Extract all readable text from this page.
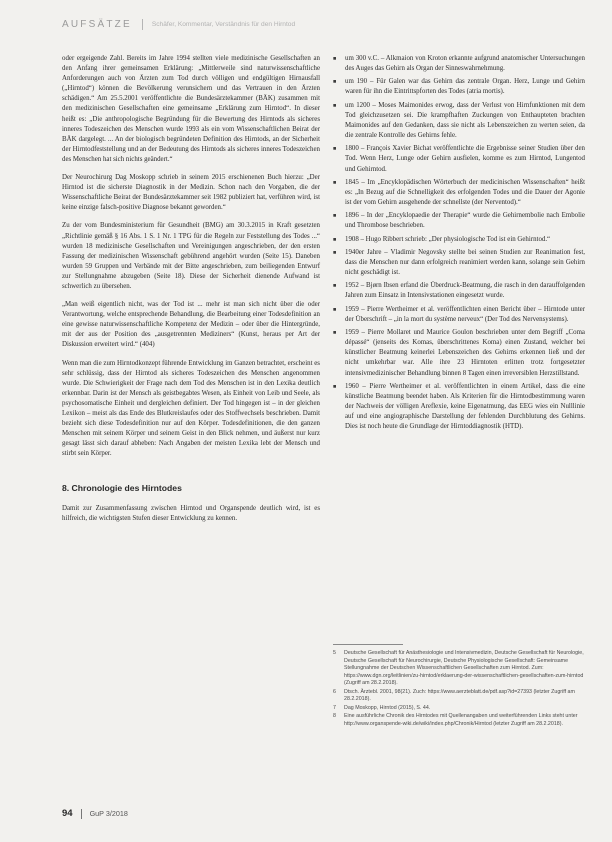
AUFSÄTZE	Schäfer, Kommentar, Verständnis für den Hirntod

oder ergeigende Zahl. Bereits im Jahre 1994 stellten viele medizinische Gesellschaften an den Anfang ihrer gemeinsamen Erklärung: „Mittlerweile sind naturwissenschaftliche Anforderungen auch von Ärzten zum Tod durch völligen und endgültigen Hirnausfall („Hirntod“) können die Bevölkerung verunsichern und das Vertrauen in den Ärzten schädigen.“ Am 25.5.2001 veröffentlichte die Bundesärztekammer (BÄK) zusammen mit den medizinischen Gesellschaften eine gemeinsame „Erklärung zum Hirntod“. In dieser heißt es: „Die anthropologische Begründung für die Bewertung des Hirntods als sicheres inneres Todeszeichen des Menschen wurde 1993 als ein vom Wissenschaftlichen Beirat der BÄK dargelegt. ... An der biologisch begründeten Definition des Hirntods, an der Sicherheit der Hirntodfeststellung und an der Bedeutung des Hirntods als sicheres inneres Todeszeichen des Menschen hat sich nichts geändert.“

Der Neurochirurg Dag Moskopp schrieb in seinem 2015 erschienenen Buch hierzu: „Der Hirntod ist die sicherste Diagnostik in der Medizin. Schon nach den Vorgaben, die der Wissenschaftliche Beirat der Bundesärztekammer seit 1982 publiziert hat, verführen wird, ist keine einzige falsch-positive Diagnose bekannt geworden.“

Zu der vom Bundesministerium für Gesundheit (BMG) am 30.3.2015 in Kraft gesetzten „Richtlinie gemäß § 16 Abs. 1 S. 1 Nr. 1 TPG für die Regeln zur Feststellung des Todes ...“ wurden 18 medizinische Gesellschaften und Vereinigungen angeschrieben, der den ersten Fassung der medizinischen Wissenschaft gebührend angehört wurden (Seite 15). Daneben wurden 59 Gruppen und Verbände mit der Bitte angeschrieben, zum beiliegenden Entwurf zur Stellungnahme abzugeben (Seite 18). Diese der Sicherheit dienende Aufwand ist schwerlich zu übersehen.

„Man weiß eigentlich nicht, was der Tod ist ... mehr ist man sich nicht über die oder Verantwortung, welche entsprechende Behandlung, die Bearbeitung einer Todesdefinition an eine gewisse naturwissenschaftliche Kompetenz der Medizin – oder über die Hintergründe, mit der aus der Position des „ausgetrennten Mediziners“ (Kunst, heraus per Art der Diskussion erweitert wird.“ (404)

Wenn man die zum Hirntodkonzept führende Entwicklung im Ganzen betrachtet, erscheint es sehr schlüssig, dass der Hirntod als sicheres Todeszeichen des Menschen angenommen wurde. Die Schwierigkeit der Frage nach dem Tod des Menschen ist in den Lexika deutlich erkennbar. Darin ist der Mensch als geistbegabtes Wesen, als Einheit von Leib und Seele, als psychosomatische Einheit und dergleichen definiert. Der Tod hingegen ist – in der gleichen Lexikon – meist als das Ende des Blutkreislaufes oder des Stoffwechsels beschrieben. Damit bezieht sich diese Todesdefinition nur auf den Körper. Todesdefinitionen, die den ganzen Menschen mit seinem Körper und seinem Geist in den Blick nehmen, und äußerst nur kurz gesagt lässt sich darauf abheben: Nach Angaben der meisten Lexika lebt der Mensch und stirbt sein Körper.

8. Chronologie des Hirntodes

Damit zur Zusammenfassung zwischen Hirntod und Organspende deutlich wird, ist es hilfreich, die wichtigsten Stufen dieser Entwicklung zu kennen.

■ um 300 v.C. – Alkmaion von Kroton erkannte aufgrund anatomischer Untersuchungen des Auges das Gehirn als Organ der Sinneswahrnehmung.
■ um 190 – Für Galen war das Gehirn das zentrale Organ. Herz, Lunge und Gehirn waren für ihn die Eintrittspforten des Todes (atria mortis).
■ um 1200 – Moses Maimonides erwog, dass der Verlust von Hirnfunktionen mit dem Tod gleichzusetzen sei. Die krampfhaften Zuckungen von Enthaupteten brachten Maimonides auf den Gedanken, dass sie nicht als Lebenszeichen zu werten seien, da die zentrale Kontrolle des Gehirns fehle.
■ 1800 – François Xavier Bichat veröffentlichte die Ergebnisse seiner Studien über den Tod. Wenn Herz, Lunge oder Gehirn ausfielen, komme es zum Hirntod, Lungentod und Gehirntod.
■ 1845 – Im „Encyklopädischen Wörterbuch der medicinischen Wissenschaften“ heißt es: „In Bezug auf die Schnelligkeit des erfolgenden Todes und die Dauer der Agonie ist der vom Gehirn ausgehende der schnellste (der Nerventod).“
■ 1896 – In der „Encyklopaedie der Therapie“ wurde die Gehirnembolie nach Embolie und Thrombose beschrieben.
■ 1908 – Hugo Ribbert schrieb: „Der physiologische Tod ist ein Gehirntod.“
■ 1940er Jahre – Vladimir Negovsky stellte bei seinen Studien zur Reanimation fest, dass die Menschen nur dann erfolgreich reanimiert werden kann, solange sein Gehirn nicht geschädigt ist.
■ 1952 – Bjørn Ibsen erfand die Überdruck-Beatmung, die rasch in den darauffolgenden Jahren zum Einsatz in Intensivstationen eingesetzt wurde.
■ 1959 – Pierre Wertheimer et al. veröffentlichten einen Bericht über – Hirntode unter der Überschrift – „in la mort du système nerveux“ (Der Tod des Nervensystems).
■ 1959 – Pierre Mollaret und Maurice Goulon beschrieben unter dem Begriff „Coma dépassé“ (jenseits des Komas, überschrittenes Koma) einen Zustand, welcher bei künstlicher Beatmung keinerlei Lebenszeichen des Gehirns erkennen ließ und der nicht umkehrbar war. Alle ihre 23 Hirntoten erlitten trotz fortgesetzter intensivmedizinischer Behandlung binnen 8 Tagen einen irreversiblen Herzstillstand.
■ 1960 – Pierre Wertheimer et al. veröffentlichten in einem Artikel, dass die eine künstliche Beatmung beendet haben. Als Kriterien für die Hirntodbestimmung waren der Nachweis der völligen Areflexie, keine Eigenatmung, das EEG wies ein Nulllinie auf und eine angiographische Darstellung der fehlenden Durchblutung des Gehirns. Dies ist noch heute die Grundlage der Hirntoddiagnostik (HTD).
5	Deutsche Gesellschaft für Anästhesiologie und Intensivmedizin, Deutsche Gesellschaft für Neurologie, Deutsche Gesellschaft für Neurochirurgie, Deutsche Physiologische Gesellschaft: Gemeinsame Stellungnahme der Deutschen Wissenschaftlichen Gesellschaften zum Hirntod. Zum: https://www.dgn.org/leitlinien/zu-hirntod/erklaerung-der-wissenschaftlichen-gesellschaften-zum-hirntod (Zugriff am 28.2.2018).
6	Dtsch. Ärztebl. 2001, 98(21). Zuch: https://www.aerzteblatt.de/pdf.asp?id=27393 (letzter Zugriff am 28.2.2018).
7	Dag Moskopp, Hirntod (2015), S. 44.
8	Eine ausführliche Chronik des Hirntodes mit Quellenangaben und weiterführenden Links steht unter http://www.organspende-wiki.de/wiki/index.php/Chronik/Hirntod (letzter Zugriff am 28.2.2018).
94 GuP 3/2018
